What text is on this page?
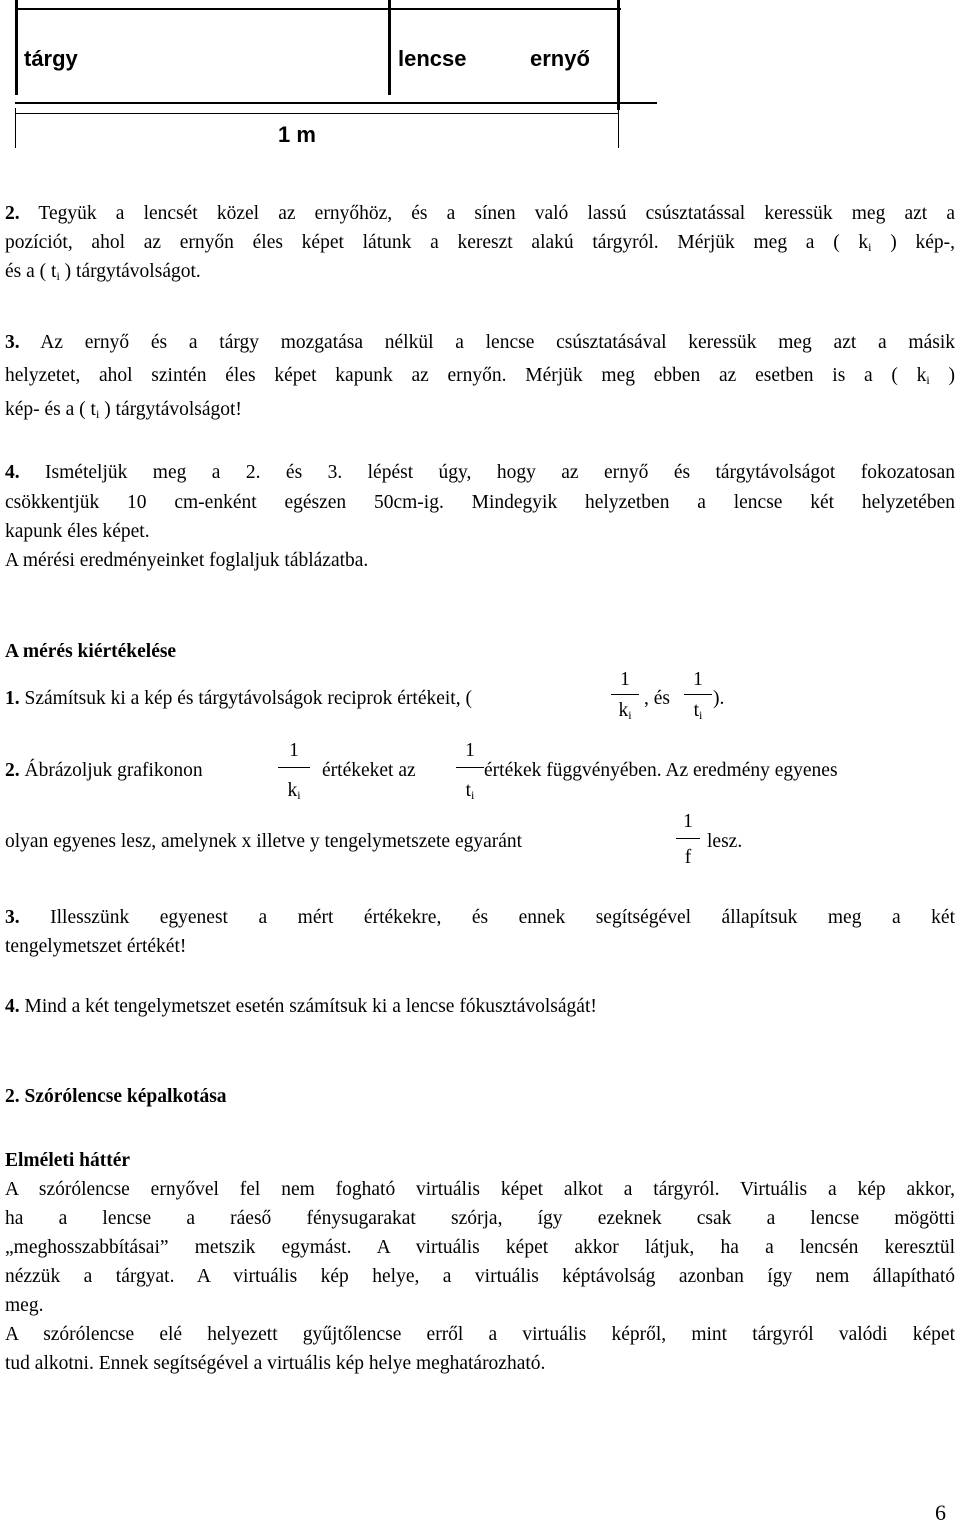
tárgy	lencse	ernyő
1 m
2. Tegyük a lencsét közel az ernyőhöz, és a sínen való lassú csúsztatással keressük meg azt a
pozíciót, ahol az ernyőn éles képet látunk a kereszt alakú tárgyról. Mérjük meg a ( $k_i$ ) kép-,
és a ( $t_i$ ) tárgytávolságot.
3. Az ernyő és a tárgy mozgatása nélkül a lencse csúsztatásával keressük meg azt a másik
helyzetet, ahol szintén éles képet kapunk az ernyőn. Mérjük meg ebben az esetben is a ( $k_i$ )
kép- és a ( $t_i$ ) tárgytávolságot!
4. Ismételjük meg a 2. és 3. lépést úgy, hogy az ernyő és tárgytávolságot fokozatosan
csökkentjük 10 cm-enként egészen 50cm-ig. Mindegyik helyzetben a lencse két helyzetében
kapunk éles képet.
A mérési eredményeinket foglaljuk táblázatba.
A mérés kiértékelése
1. Számítsuk ki a kép és tárgytávolságok reciprok értékeit, (
1
$k_i$
, és
1
$t_i$
).
2. Ábrázoljuk grafikonon
1
$k_i$
értékeket az
1
$t_i$
értékek függvényében. Az eredmény egyenes
olyan egyenes lesz, amelynek x illetve y tengelymetszete egyaránt
1
f
lesz.
3. Illesszünk egyenest a mért értékekre, és ennek segítségével állapítsuk meg a két
tengelymetszet értékét!
4. Mind a két tengelymetszet esetén számítsuk ki a lencse fókusztávolságát!
2. Szórólencse képalkotása
Elméleti háttér
A szórólencse ernyővel fel nem fogható virtuális képet alkot a tárgyról. Virtuális a kép akkor,
ha a lencse a ráeső fénysugarakat szórja, így ezeknek csak a lencse mögötti
„meghosszabbításai” metszik egymást. A virtuális képet akkor látjuk, ha a lencsén keresztül
nézzük a tárgyat. A virtuális kép helye, a virtuális képtávolság azonban így nem állapítható
meg.
A szórólencse elé helyezett gyűjtőlencse erről a virtuális képről, mint tárgyról valódi képet
tud alkotni. Ennek segítségével a virtuális kép helye meghatározható.
6
